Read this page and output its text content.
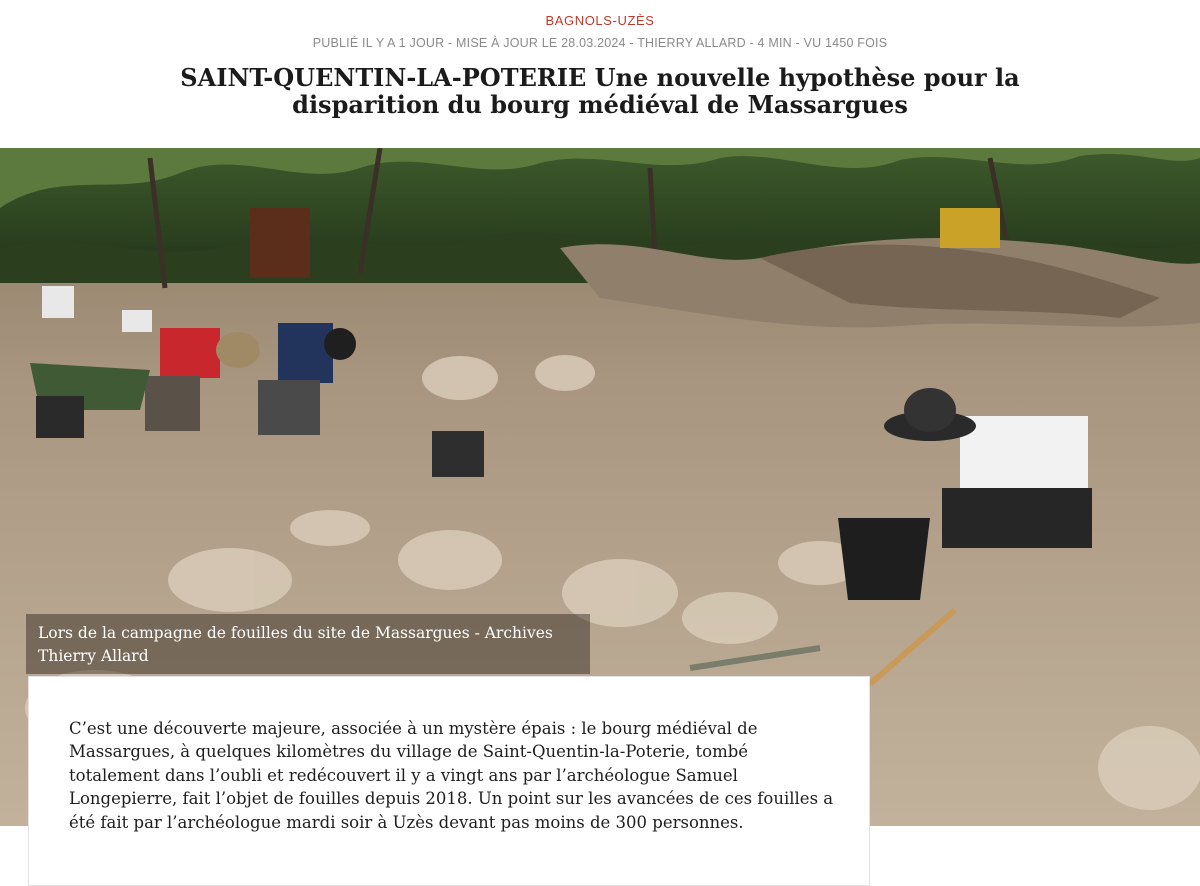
BAGNOLS-UZÈS
PUBLIÉ IL Y A 1 JOUR - MISE À JOUR LE 28.03.2024 - THIERRY ALLARD - 4 MIN - VU 1450 FOIS
SAINT-QUENTIN-LA-POTERIE Une nouvelle hypothèse pour la disparition du bourg médiéval de Massargues
Lors de la campagne de fouilles du site de Massargues - Archives Thierry Allard

C’est une découverte majeure, associée à un mystère épais : le bourg médiéval de Massargues, à quelques kilomètres du village de Saint-Quentin-la-Poterie, tombé totalement dans l’oubli et redécouvert il y a vingt ans par l’archéologue Samuel Longepierre, fait l’objet de fouilles depuis 2018. Un point sur les avancées de ces fouilles a été fait par l’archéologue mardi soir à Uzès devant pas moins de 300 personnes.
